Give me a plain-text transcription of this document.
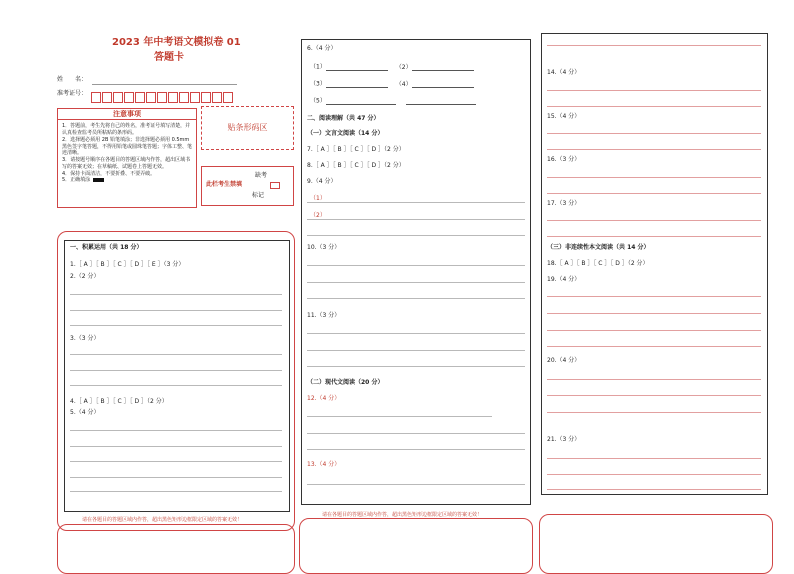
2023 年中考语文模拟卷 01
答题卡
姓　　名：
准考证号：
注意事项
1．答题前，考生先将自己的姓名，准考证号填写清楚，并认真检查监考员所粘贴的条形码。
2．选择题必须用 2B 铅笔填涂；非选择题必须用 0.5mm 黑色签字笔答题，不得用铅笔或圆珠笔答题；字体工整、笔迹清晰。
3．请按题号顺序在各题目的答题区域内作答，超出区域书写的答案无效；在草稿纸、试题卷上答题无效。
4．保持卡面清洁，不要折叠、不要弄破。
5．正确填涂
贴条形码区
此栏考生禁填
缺考
标记
一、积累运用（共 18 分）
1.［ A ］［ B ］［ C ］［ D ］［ E ］（3 分）
2.（2 分）
3.（3 分）
4.［ A ］［ B ］［ C ］［ D ］（2 分）
5.（4 分）
请在各题目的答题区域内作答，超出黑色矩形边框限定区域的答案无效！
6.（4 分）
（1）	（2）
（3）	（4）
（5）
二、阅读理解（共 47 分）
（一）文言文阅读（14 分）
7.［ A ］［ B ］［ C ］［ D ］（2 分）
8.［ A ］［ B ］［ C ］［ D ］（2 分）
9.（4 分）
（1）
（2）
10.（3 分）
11.（3 分）
（二）现代文阅读（20 分）
12.（4 分）
13.（4 分）
请在各题目的答题区域内作答，超出黑色矩形边框限定区域的答案无效！
14.（4 分）
15.（4 分）
16.（3 分）
17.（3 分）
（三）非连续性本文阅读（共 14 分）
18.［ A ］［ B ］［ C ］［ D ］（2 分）
19.（4 分）
20.（4 分）
21.（3 分）
